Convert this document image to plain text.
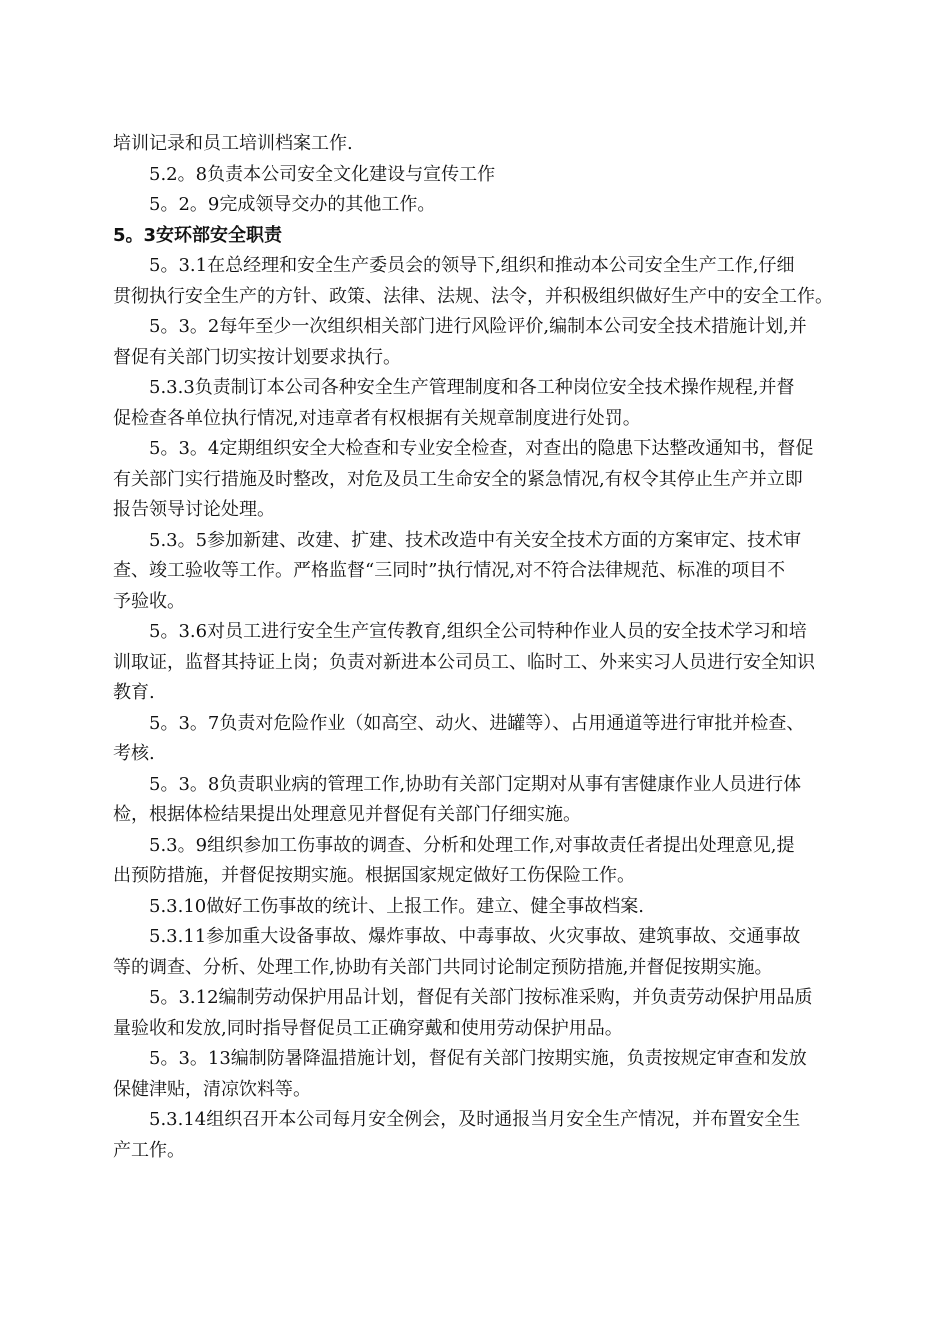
培训记录和员工培训档案工作.
5.2。8负责本公司安全文化建设与宣传工作
5。2。9完成领导交办的其他工作。
5。3安环部安全职责
5。3.1在总经理和安全生产委员会的领导下,组织和推动本公司安全生产工作,仔细
贯彻执行安全生产的方针、政策、法律、法规、法令，并积极组织做好生产中的安全工作。
5。3。2每年至少一次组织相关部门进行风险评价,编制本公司安全技术措施计划,并
督促有关部门切实按计划要求执行。
5.3.3负责制订本公司各种安全生产管理制度和各工种岗位安全技术操作规程,并督
促检查各单位执行情况,对违章者有权根据有关规章制度进行处罚。
5。3。4定期组织安全大检查和专业安全检查，对查出的隐患下达整改通知书，督促
有关部门实行措施及时整改，对危及员工生命安全的紧急情况,有权令其停止生产并立即
报告领导讨论处理。
5.3。5参加新建、改建、扩建、技术改造中有关安全技术方面的方案审定、技术审
查、竣工验收等工作。严格监督“三同时”执行情况,对不符合法律规范、标准的项目不
予验收。
5。3.6对员工进行安全生产宣传教育,组织全公司特种作业人员的安全技术学习和培
训取证，监督其持证上岗；负责对新进本公司员工、临时工、外来实习人员进行安全知识
教育.
5。3。7负责对危险作业（如高空、动火、进罐等）、占用通道等进行审批并检查、
考核.
5。3。8负责职业病的管理工作,协助有关部门定期对从事有害健康作业人员进行体
检，根据体检结果提出处理意见并督促有关部门仔细实施。
5.3。9组织参加工伤事故的调查、分析和处理工作,对事故责任者提出处理意见,提
出预防措施，并督促按期实施。根据国家规定做好工伤保险工作。
5.3.10做好工伤事故的统计、上报工作。建立、健全事故档案.
5.3.11参加重大设备事故、爆炸事故、中毒事故、火灾事故、建筑事故、交通事故
等的调查、分析、处理工作,协助有关部门共同讨论制定预防措施,并督促按期实施。
5。3.12编制劳动保护用品计划，督促有关部门按标准采购，并负责劳动保护用品质
量验收和发放,同时指导督促员工正确穿戴和使用劳动保护用品。
5。3。13编制防暑降温措施计划，督促有关部门按期实施，负责按规定审查和发放
保健津贴，清凉饮料等。
5.3.14组织召开本公司每月安全例会，及时通报当月安全生产情况，并布置安全生
产工作。
